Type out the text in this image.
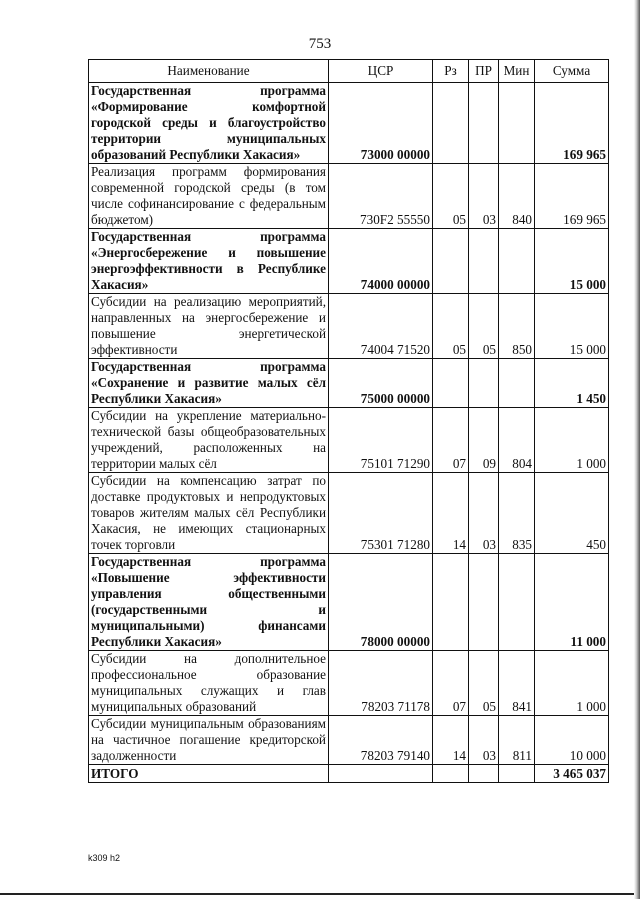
753
Наименование	ЦСР	Рз	ПР	Мин	Сумма
Государственная программа «Формирование комфортной городской среды и благоустройство территории муниципальных образований Республики Хакасия»	73000 00000				169 965
Реализация программ формирования современной городской среды (в том числе софинансирование с федеральным бюджетом)	730F2 55550	05	03	840	169 965
Государственная программа «Энергосбережение и повышение энергоэффективности в Республике Хакасия»	74000 00000				15 000
Субсидии на реализацию мероприятий, направленных на энергосбережение и повышение энергетической эффективности	74004 71520	05	05	850	15 000
Государственная программа «Сохранение и развитие малых сёл Республики Хакасия»	75000 00000				1 450
Субсидии на укрепление материально-технической базы общеобразовательных учреждений, расположенных на территории малых сёл	75101 71290	07	09	804	1 000
Субсидии на компенсацию затрат по доставке продуктовых и непродуктовых товаров жителям малых сёл Республики Хакасия, не имеющих стационарных точек торговли	75301 71280	14	03	835	450
Государственная программа «Повышение эффективности управления общественными (государственными и муниципальными) финансами Республики Хакасия»	78000 00000				11 000
Субсидии на дополнительное профессиональное образование муниципальных служащих и глав муниципальных образований	78203 71178	07	05	841	1 000
Субсидии муниципальным образованиям на частичное погашение кредиторской задолженности	78203 79140	14	03	811	10 000
ИТОГО					3 465 037
k309 h2
